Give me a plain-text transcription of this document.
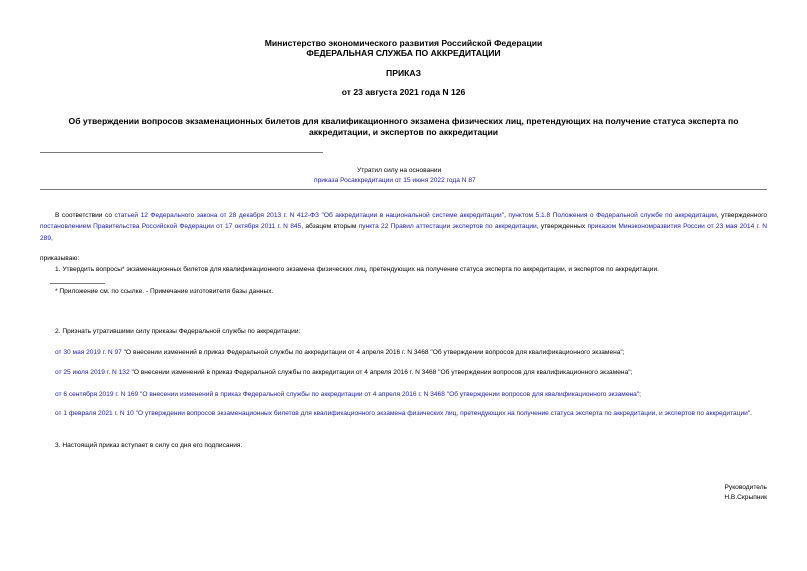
Министерство экономического развития Российской Федерации
ФЕДЕРАЛЬНАЯ СЛУЖБА ПО АККРЕДИТАЦИИ
ПРИКАЗ
от 23 августа 2021 года N 126
Об утверждении вопросов экзаменационных билетов для квалификационного экзамена физических лиц, претендующих на получение статуса эксперта по аккредитации, и экспертов по аккредитации
Утратил силу на основании
приказа Росаккредитации от 15 июня 2022 года N 87
В соответствии со статьей 12 Федерального закона от 28 декабря 2013 г. N 412-ФЗ "Об аккредитации в национальной системе аккредитации", пунктом 5.1.8 Положения о Федеральной службе по аккредитации, утвержденного постановлением Правительства Российской Федерации от 17 октября 2011 г. N 845, абзацем вторым пункта 22 Правил аттестации экспертов по аккредитации, утвержденных приказом Минэкономразвития России от 23 мая 2014 г. N 289,
приказываю:
1. Утвердить вопросы* экзаменационных билетов для квалификационного экзамена физических лиц, претендующих на получение статуса эксперта по аккредитации, и экспертов по аккредитации.
* Приложение см. по ссылке. - Примечание изготовителя базы данных.
2. Признать утратившими силу приказы Федеральной службы по аккредитации:
от 30 мая 2019 г. N 97 "О внесении изменений в приказ Федеральной службы по аккредитации от 4 апреля 2016 г. N 3468 "Об утверждении вопросов для квалификационного экзамена";
от 25 июля 2019 г. N 132 "О внесении изменений в приказ Федеральной службы по аккредитации от 4 апреля 2016 г. N 3468 "Об утверждении вопросов для квалификационного экзамена";
от 6 сентября 2019 г. N 169 "О внесении изменений в приказ Федеральной службы по аккредитации от 4 апреля 2016 г. N 3468 "Об утверждении вопросов для квалификационного экзамена";
от 1 февраля 2021 г. N 10 "О утверждении вопросов экзаменационных билетов для квалификационного экзамена физических лиц, претендующих на получение статуса эксперта по аккредитации, и экспертов по аккредитации".
3. Настоящий приказ вступает в силу со дня его подписания.
Руководитель
Н.В.Скрыпник
